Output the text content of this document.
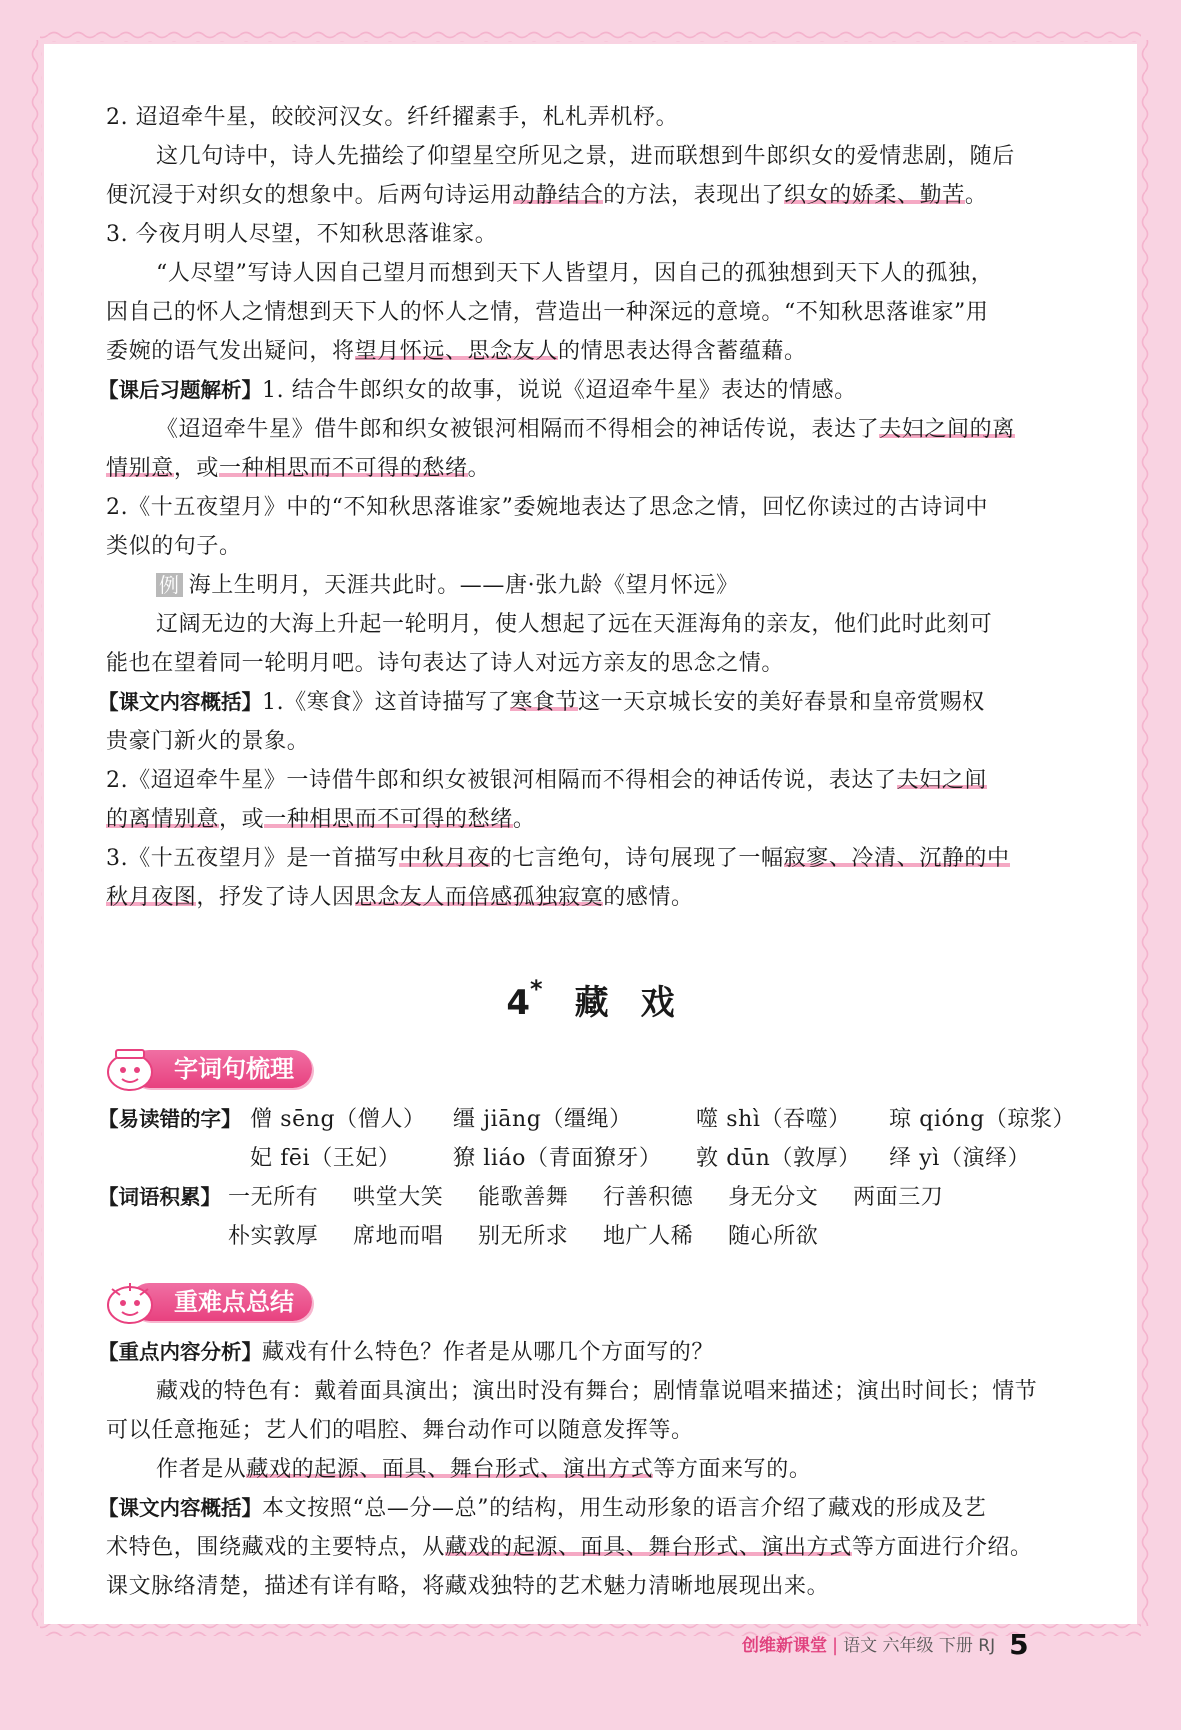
2. 迢迢牵牛星，皎皎河汉女。纤纤擢素手，札札弄机杼。
这几句诗中，诗人先描绘了仰望星空所见之景，进而联想到牛郎织女的爱情悲剧，随后
便沉浸于对织女的想象中。后两句诗运用动静结合的方法，表现出了织女的娇柔、勤苦。
3. 今夜月明人尽望，不知秋思落谁家。
“人尽望”写诗人因自己望月而想到天下人皆望月，因自己的孤独想到天下人的孤独，
因自己的怀人之情想到天下人的怀人之情，营造出一种深远的意境。“不知秋思落谁家”用
委婉的语气发出疑问，将望月怀远、思念友人的情思表达得含蓄蕴藉。
【课后习题解析】1. 结合牛郎织女的故事，说说《迢迢牵牛星》表达的情感。
《迢迢牵牛星》借牛郎和织女被银河相隔而不得相会的神话传说，表达了夫妇之间的离
情别意，或一种相思而不可得的愁绪。
2.《十五夜望月》中的“不知秋思落谁家”委婉地表达了思念之情，回忆你读过的古诗词中
类似的句子。
例 海上生明月，天涯共此时。——唐·张九龄《望月怀远》
辽阔无边的大海上升起一轮明月，使人想起了远在天涯海角的亲友，他们此时此刻可
能也在望着同一轮明月吧。诗句表达了诗人对远方亲友的思念之情。
【课文内容概括】1.《寒食》这首诗描写了寒食节这一天京城长安的美好春景和皇帝赏赐权
贵豪门新火的景象。
2.《迢迢牵牛星》一诗借牛郎和织女被银河相隔而不得相会的神话传说，表达了夫妇之间
的离情别意，或一种相思而不可得的愁绪。
3.《十五夜望月》是一首描写中秋月夜的七言绝句，诗句展现了一幅寂寥、冷清、沉静的中
秋月夜图，抒发了诗人因思念友人而倍感孤独寂寞的感情。
4* 藏 戏
字词句梳理
【易读错的字】 僧 sēng（僧人） 缰 jiāng（缰绳）	噬 shì（吞噬） 琼 qióng（琼浆）
妃 fēi（王妃） 獠 liáo（青面獠牙） 敦 dūn（敦厚） 绎 yì（演绎）
【词语积累】 一无所有 哄堂大笑 能歌善舞 行善积德 身无分文 两面三刀
朴实敦厚 席地而唱 别无所求 地广人稀 随心所欲
重难点总结
【重点内容分析】藏戏有什么特色？作者是从哪几个方面写的？
藏戏的特色有：戴着面具演出；演出时没有舞台；剧情靠说唱来描述；演出时间长；情节
可以任意拖延；艺人们的唱腔、舞台动作可以随意发挥等。
作者是从藏戏的起源、面具、舞台形式、演出方式等方面来写的。
【课文内容概括】本文按照“总—分—总”的结构，用生动形象的语言介绍了藏戏的形成及艺
术特色，围绕藏戏的主要特点，从藏戏的起源、面具、舞台形式、演出方式等方面进行介绍。
课文脉络清楚，描述有详有略，将藏戏独特的艺术魅力清晰地展现出来。
创维新课堂 | 语文 六年级 下册 RJ 5
